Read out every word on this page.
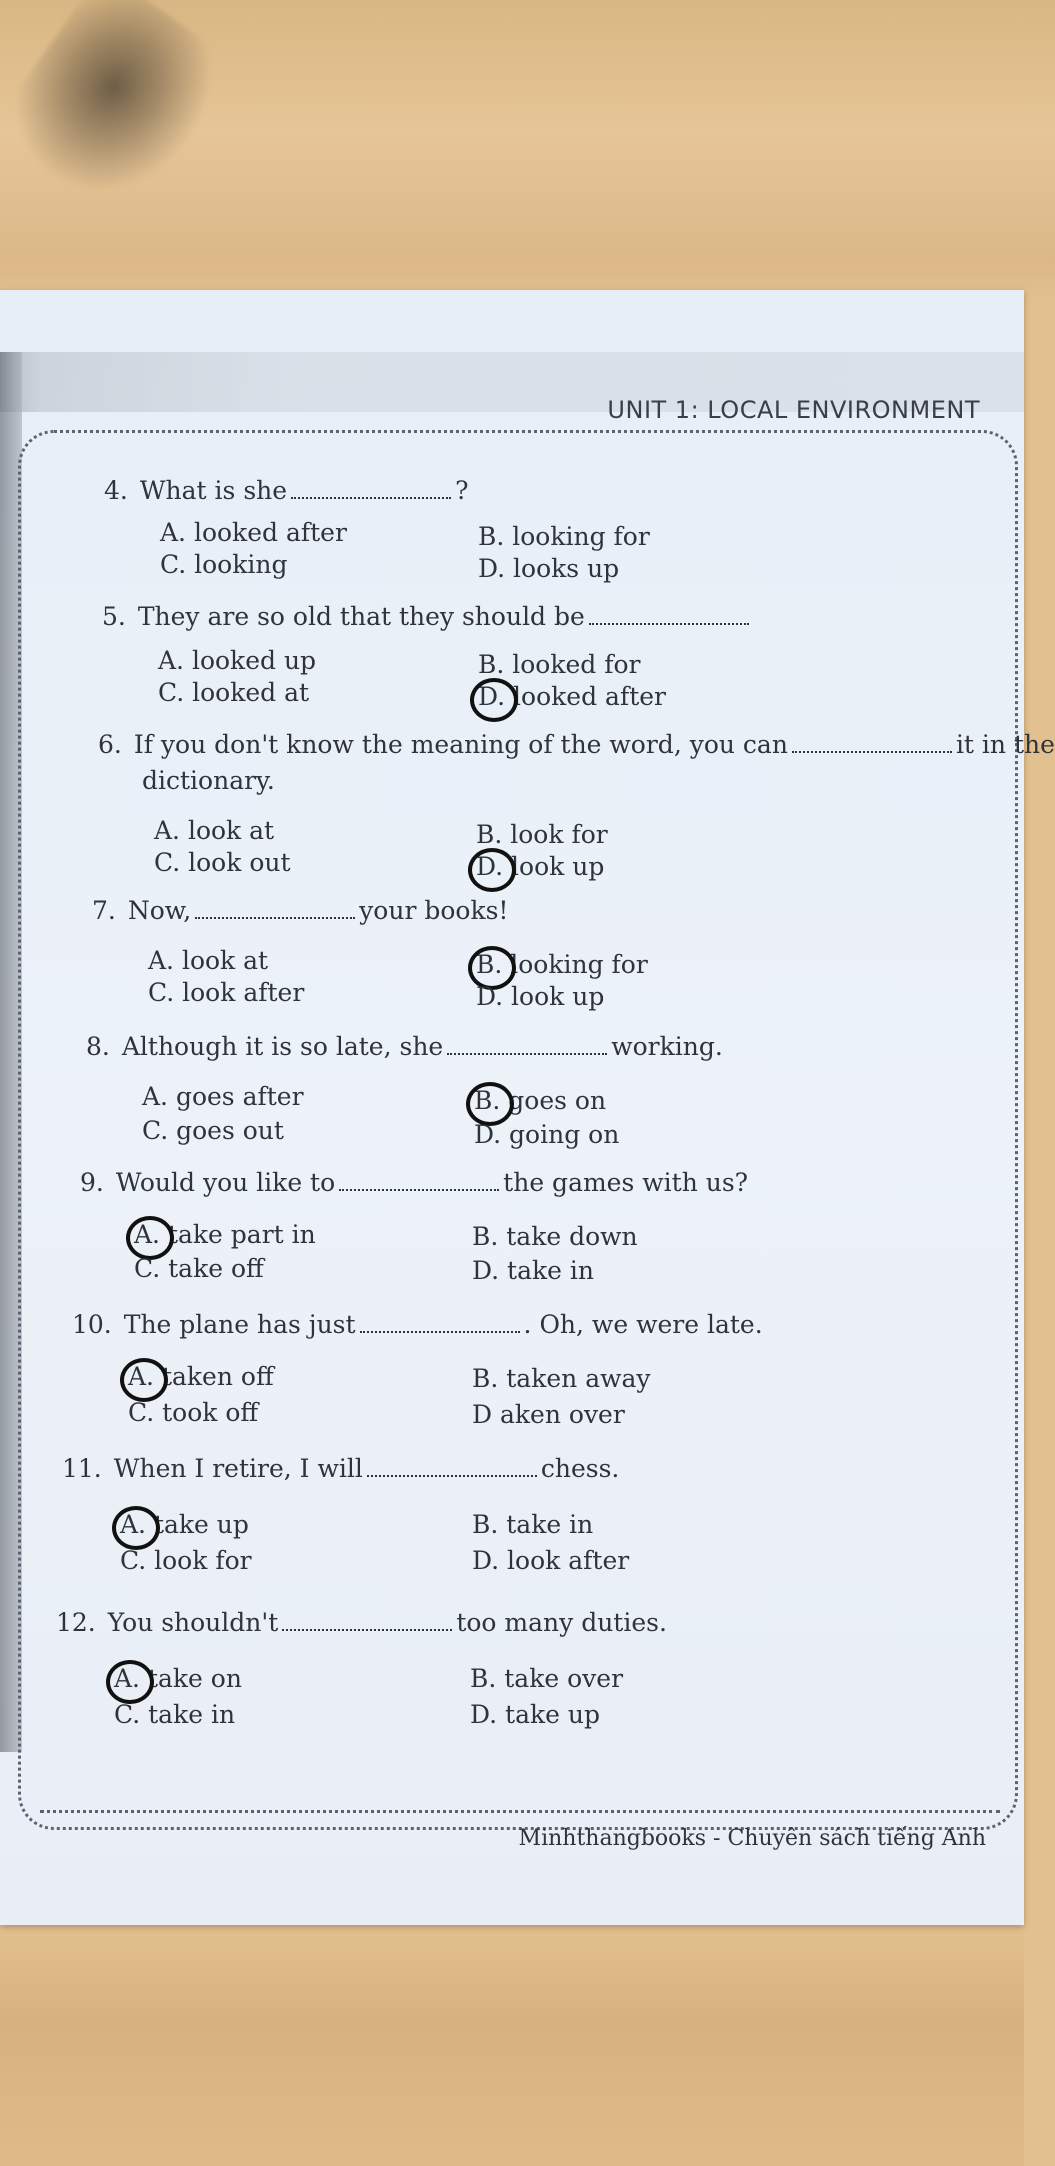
UNIT 1: LOCAL ENVIRONMENT
4. What is she	?
A. looked after	B. looking for
C. looking	D. looks up
5. They are so old that they should be
A. looked up	B. looked for
C. looked at	D. looked after
6. If you don't know the meaning of the word, you can	it in the
dictionary.
A. look at	B. look for
C. look out	D. look up
7. Now,	your books!
A. look at	B. looking for
C. look after	D. look up
8. Although it is so late, she	working.
A. goes after	B. goes on
C. goes out	D. going on
9. Would you like to	the games with us?
A. take part in	B. take down
C. take off	D. take in
10. The plane has just	. Oh, we were late.
A. taken off	B. taken away
C. took off	D aken over
11. When I retire, I will	chess.
A. take up	B. take in
C. look for	D. look after
12. You shouldn't	too many duties.
A. take on	B. take over
C. take in	D. take up
Minhthangbooks - Chuyên sách tiếng Anh
